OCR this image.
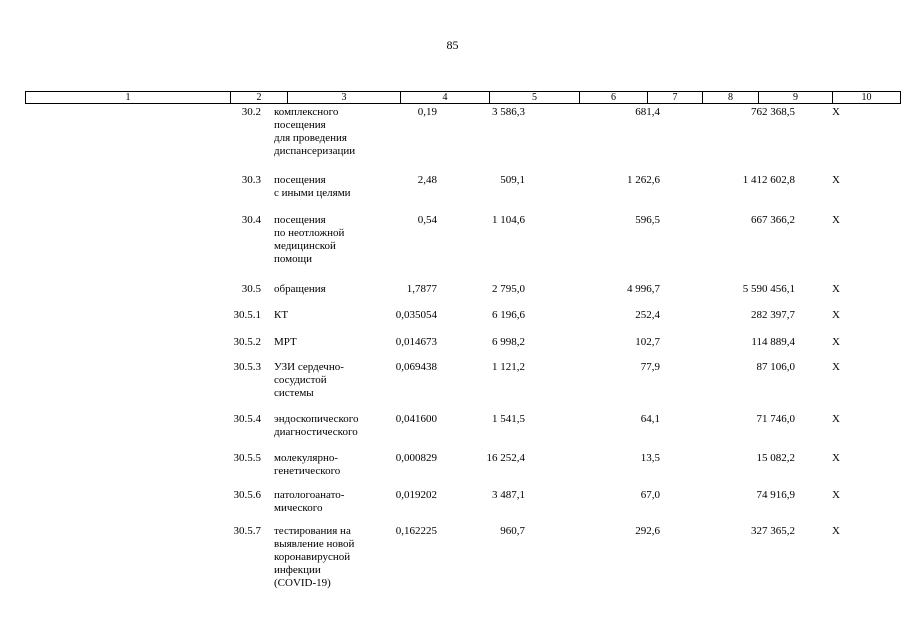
85
1	2	3	4	5	6	7	8	9	10
30.2 комплексного
посещения
для проведения
диспансеризации
0,19	3 586,3	681,4	762 368,5	X
30.3 посещения
с иными целями
2,48	509,1	1 262,6	1 412 602,8	X
30.4 посещения
по неотложной
медицинской
помощи
0,54	1 104,6	596,5	667 366,2	X
30.5 обращения	1,7877	2 795,0	4 996,7	5 590 456,1	X
30.5.1 КТ	0,035054	6 196,6	252,4	282 397,7	X
30.5.2 МРТ	0,014673	6 998,2	102,7	114 889,4	X
30.5.3 УЗИ сердечно-
сосудистой
системы
0,069438	1 121,2	77,9	87 106,0	X
30.5.4 эндоскопического
диагностического
0,041600	1 541,5	64,1	71 746,0	X
30.5.5 молекулярно-
генетического
0,000829	16 252,4	13,5	15 082,2	X
30.5.6 патологоанато-
мического
0,019202	3 487,1	67,0	74 916,9	X
30.5.7 тестирования на
выявление новой
коронавирусной
инфекции
(COVID-19)
0,162225	960,7	292,6	327 365,2	X
